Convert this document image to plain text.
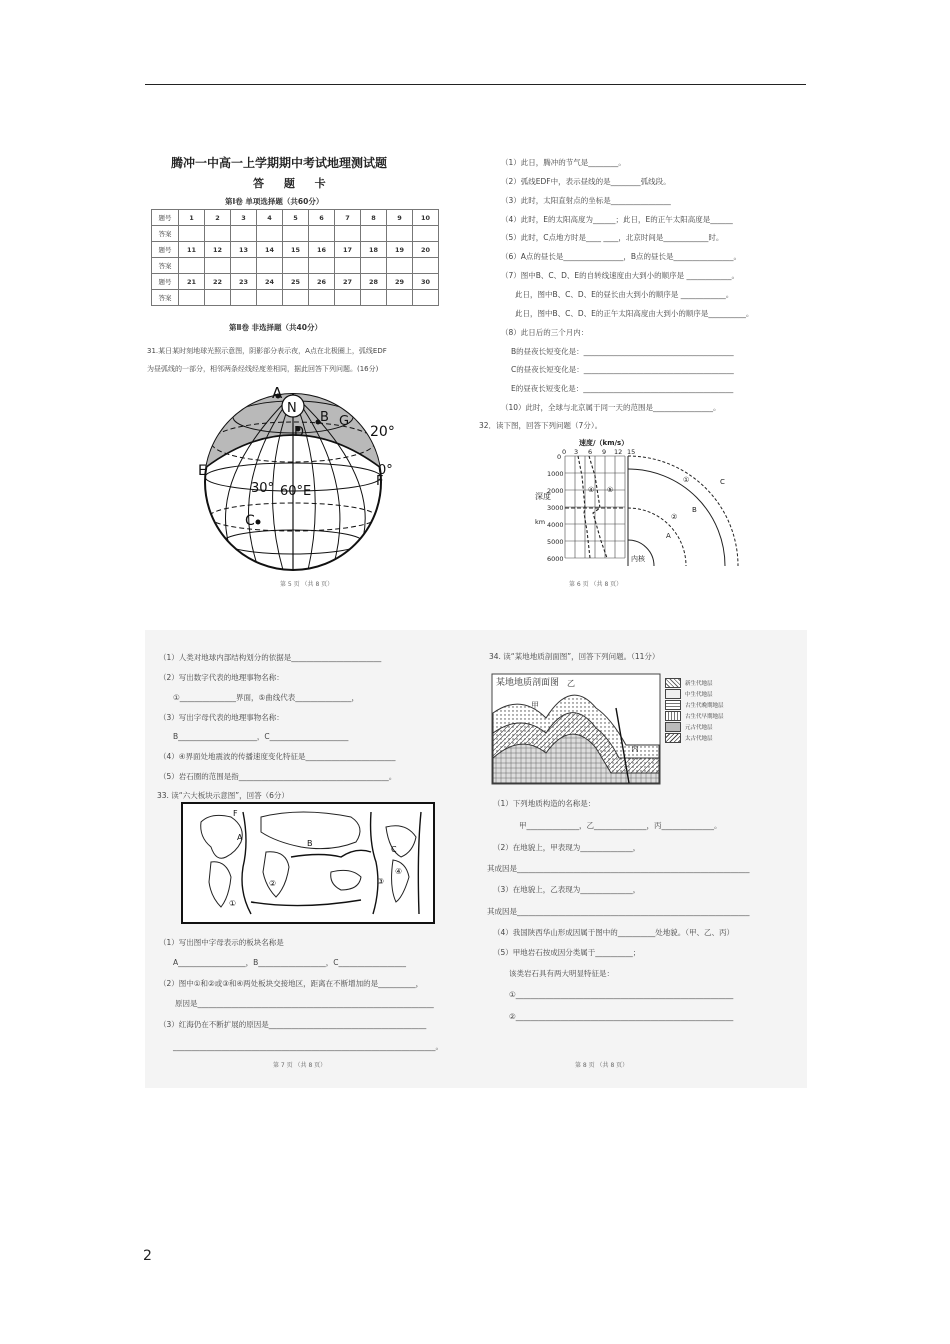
腾冲一中高一上学期期中考试地理测试题
答 题 卡
第Ⅰ卷 单项选择题（共60分）
题号	1	2	3	4	5	6	7	8	9	10
答案										
题号	11	12	13	14	15	16	17	18	19	20
答案										
题号	21	22	23	24	25	26	27	28	29	30
答案										
第Ⅱ卷 非选择题（共40分）
31.某日某时刻地球光照示意图，阴影部分表示夜，A点在北极圈上，弧线EDF
为昼弧线的一部分，相邻两条经线经度差相同，据此回答下列问题。(16分)
A
N
B G
D	20°
E	0°
F
30° 60°E
C
第 5 页 （共 8 页）
（1）此日，腾冲的节气是________。
（2）弧线EDF中，表示昼线的是________弧线段。
（3）此时，太阳直射点的坐标是________________
（4）此时，E的太阳高度为______；此日，E的正午太阳高度是______
（5）此时，C点地方时是____ ____，北京时间是____________时。
（6）A点的昼长是________________，B点的昼长是________________。
（7）图中B、C、D、E的自转线速度由大到小的顺序是 ____________。
此日，图中B、C、D、E的昼长由大到小的顺序是 ____________。
此日，图中B、C、D、E的正午太阳高度由大到小的顺序是__________。
（8）此日后的三个月内：
B的昼夜长短变化是：________________________________________
C的昼夜长短变化是：________________________________________
E的昼夜长短变化是：________________________________________
（10）此时，全球与北京属于同一天的范围是________________。
32．读下图，回答下列问题（7分）。
速度/（km/s）
0 3 6 9 12 15
0
1000
2000
3000
4000
5000
6000
深度
km
④ ⑤
①	C
B
②
A
内核
第 6 页 （共 8 页）
（1）人类对地球内部结构划分的依据是________________________
（2）写出数字代表的地理事物名称：
①_______________界面，⑤曲线代表_______________，
（3）写出字母代表的地理事物名称：
B_____________________，C_____________________
（4）④界面处地震波的传播速度变化特征是________________________
（5）岩石圈的范围是指________________________________________。
33. 读“六大板块示意图”，回答（6分）
F
A
B
C
①
②	③
④
（1）写出图中字母表示的板块名称是
A__________________，B__________________，C__________________
（2）图中①和②或③和④两处板块交接地区，距离在不断增加的是__________，
原因是_______________________________________________________________
（3）红海仍在不断扩展的原因是__________________________________________
______________________________________________________________________。
第 7 页 （共 8 页）
34. 读“某地地质剖面图”，回答下列问题。（11分）
某地地质剖面图 乙
甲
丙
新生代地层
中生代地层
古生代晚期地层
古生代早期地层
元古代地层
太古代地层
（1）下列地质构造的名称是：
甲______________，乙______________，丙______________。
（2）在地貌上，甲表现为______________，
其成因是______________________________________________________________
（3）在地貌上，乙表现为______________，
其成因是______________________________________________________________
（4）我国陕西华山形成因属于图中的__________处地貌。（甲、乙、丙）
（5）甲地岩石按成因分类属于__________；
该类岩石具有两大明显特征是：
①__________________________________________________________
②__________________________________________________________
第 8 页 （共 8 页）
2
